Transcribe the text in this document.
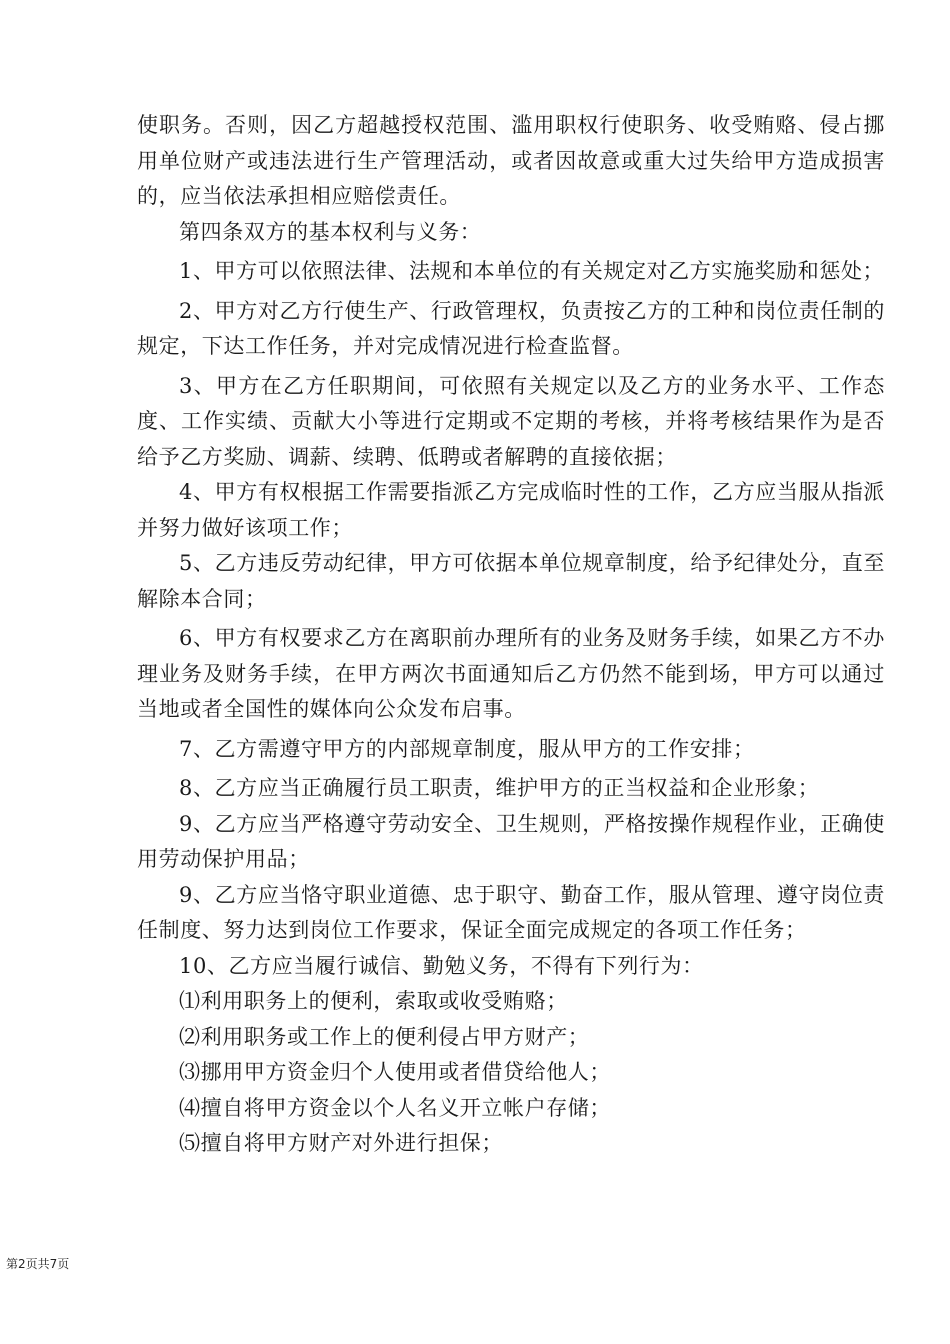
使职务。否则，因乙方超越授权范围、滥用职权行使职务、收受贿赂、侵占挪用单位财产或违法进行生产管理活动，或者因故意或重大过失给甲方造成损害的，应当依法承担相应赔偿责任。

第四条双方的基本权利与义务：

1、甲方可以依照法律、法规和本单位的有关规定对乙方实施奖励和惩处；

2、甲方对乙方行使生产、行政管理权，负责按乙方的工种和岗位责任制的规定，下达工作任务，并对完成情况进行检查监督。

3、甲方在乙方任职期间，可依照有关规定以及乙方的业务水平、工作态度、工作实绩、贡献大小等进行定期或不定期的考核，并将考核结果作为是否给予乙方奖励、调薪、续聘、低聘或者解聘的直接依据；

4、甲方有权根据工作需要指派乙方完成临时性的工作，乙方应当服从指派并努力做好该项工作；

5、乙方违反劳动纪律，甲方可依据本单位规章制度，给予纪律处分，直至解除本合同；

6、甲方有权要求乙方在离职前办理所有的业务及财务手续，如果乙方不办理业务及财务手续，在甲方两次书面通知后乙方仍然不能到场，甲方可以通过当地或者全国性的媒体向公众发布启事。

7、乙方需遵守甲方的内部规章制度，服从甲方的工作安排；

8、乙方应当正确履行员工职责，维护甲方的正当权益和企业形象；

9、乙方应当严格遵守劳动安全、卫生规则，严格按操作规程作业，正确使用劳动保护用品；

9、乙方应当恪守职业道德、忠于职守、勤奋工作，服从管理、遵守岗位责任制度、努力达到岗位工作要求，保证全面完成规定的各项工作任务；

10、乙方应当履行诚信、勤勉义务，不得有下列行为：

⑴利用职务上的便利，索取或收受贿赂；

⑵利用职务或工作上的便利侵占甲方财产；

⑶挪用甲方资金归个人使用或者借贷给他人；

⑷擅自将甲方资金以个人名义开立帐户存储；

⑸擅自将甲方财产对外进行担保；

第2页共7页
